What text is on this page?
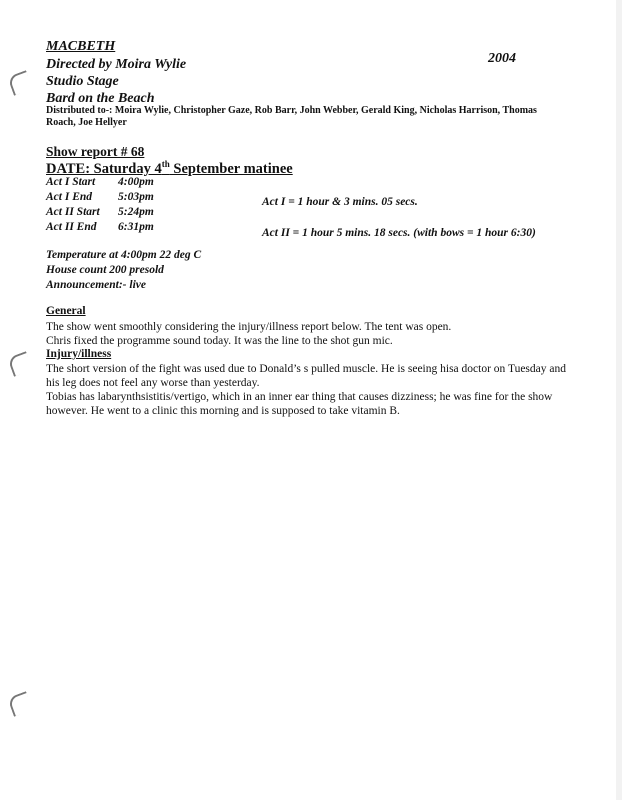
MACBETH
2004
Directed by Moira Wylie
Studio Stage
Bard on the Beach
Distributed to-: Moira Wylie, Christopher Gaze, Rob Barr, John Webber, Gerald King, Nicholas Harrison, Thomas Roach, Joe Hellyer
Show report # 68
DATE: Saturday 4th September matinee
Act I Start 4:00pm
Act I End 5:03pm
Act II Start 5:24pm
Act II End 6:31pm
Act I = 1 hour & 3 mins. 05 secs.
Act II = 1 hour 5 mins. 18 secs. (with bows = 1 hour 6:30)
Temperature at 4:00pm 22 deg C
House count 200 presold
Announcement:- live
General
The show went smoothly considering the injury/illness report below. The tent was open.
Chris fixed the programme sound today. It was the line to the shot gun mic.
Injury/illness
The short version of the fight was used due to Donald’s s pulled muscle. He is seeing hisa doctor on Tuesday and his leg does not feel any worse than yesterday.
Tobias has labarynthsistitis/vertigo, which in an inner ear thing that causes dizziness; he was fine for the show however. He went to a clinic this morning and is supposed to take vitamin B.
